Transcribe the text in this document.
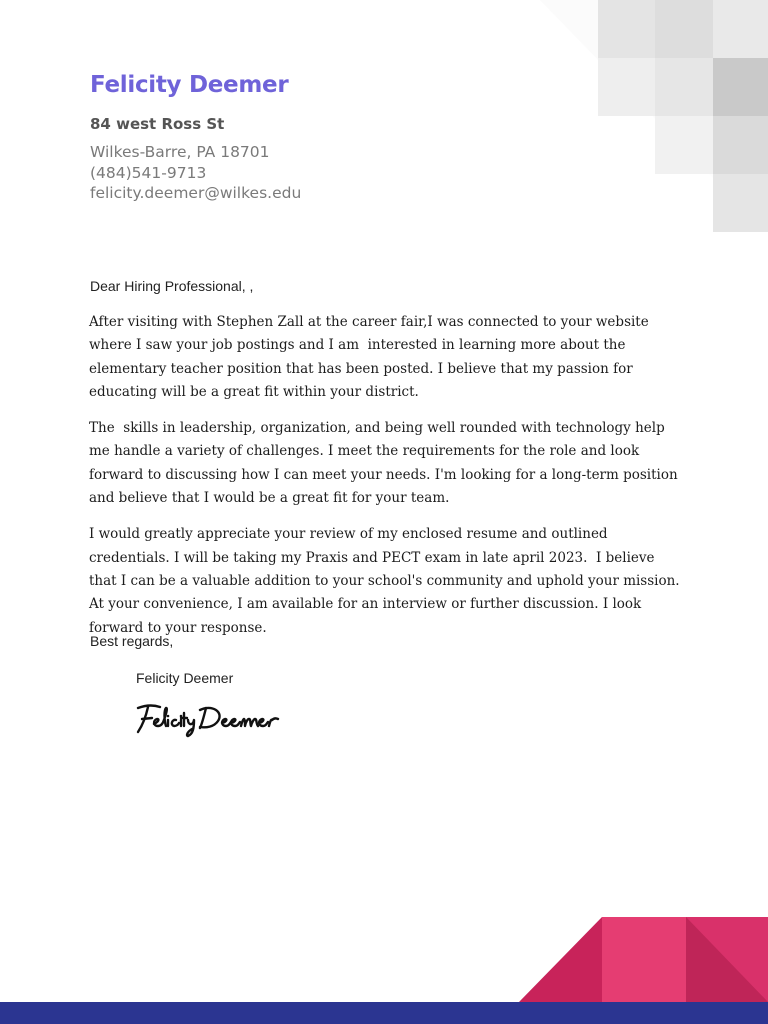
Felicity Deemer
84 west Ross St
Wilkes-Barre, PA 18701
(484)541-9713
felicity.deemer@wilkes.edu
Dear Hiring Professional, ,

After visiting with Stephen Zall at the career fair,I was connected to your website where I saw your job postings and I am  interested in learning more about the elementary teacher position that has been posted. I believe that my passion for educating will be a great fit within your district.

The  skills in leadership, organization, and being well rounded with technology help me handle a variety of challenges. I meet the requirements for the role and look forward to discussing how I can meet your needs. I'm looking for a long-term position and believe that I would be a great fit for your team.

I would greatly appreciate your review of my enclosed resume and outlined credentials. I will be taking my Praxis and PECT exam in late april 2023.  I believe that I can be a valuable addition to your school's community and uphold your mission. At your convenience, I am available for an interview or further discussion. I look forward to your response.

Best regards,
Felicity Deemer
